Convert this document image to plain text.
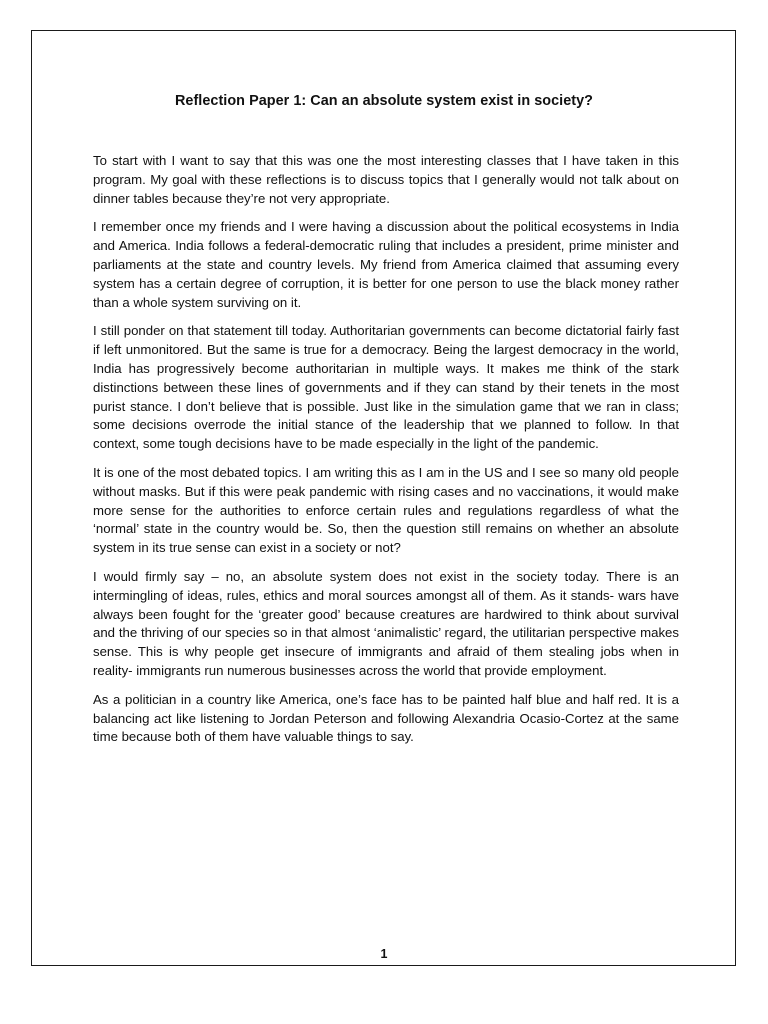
Reflection Paper 1: Can an absolute system exist in society?

To start with I want to say that this was one the most interesting classes that I have taken in this program. My goal with these reflections is to discuss topics that I generally would not talk about on dinner tables because they’re not very appropriate.

I remember once my friends and I were having a discussion about the political ecosystems in India and America. India follows a federal-democratic ruling that includes a president, prime minister and parliaments at the state and country levels. My friend from America claimed that assuming every system has a certain degree of corruption, it is better for one person to use the black money rather than a whole system surviving on it.

I still ponder on that statement till today. Authoritarian governments can become dictatorial fairly fast if left unmonitored. But the same is true for a democracy. Being the largest democracy in the world, India has progressively become authoritarian in multiple ways. It makes me think of the stark distinctions between these lines of governments and if they can stand by their tenets in the most purist stance. I don’t believe that is possible. Just like in the simulation game that we ran in class; some decisions overrode the initial stance of the leadership that we planned to follow. In that context, some tough decisions have to be made especially in the light of the pandemic.

It is one of the most debated topics. I am writing this as I am in the US and I see so many old people without masks. But if this were peak pandemic with rising cases and no vaccinations, it would make more sense for the authorities to enforce certain rules and regulations regardless of what the ‘normal’ state in the country would be. So, then the question still remains on whether an absolute system in its true sense can exist in a society or not?

I would firmly say – no, an absolute system does not exist in the society today. There is an intermingling of ideas, rules, ethics and moral sources amongst all of them. As it stands- wars have always been fought for the ‘greater good’ because creatures are hardwired to think about survival and the thriving of our species so in that almost ‘animalistic’ regard, the utilitarian perspective makes sense. This is why people get insecure of immigrants and afraid of them stealing jobs when in reality- immigrants run numerous businesses across the world that provide employment.

As a politician in a country like America, one’s face has to be painted half blue and half red. It is a balancing act like listening to Jordan Peterson and following Alexandria Ocasio-Cortez at the same time because both of them have valuable things to say.

1
